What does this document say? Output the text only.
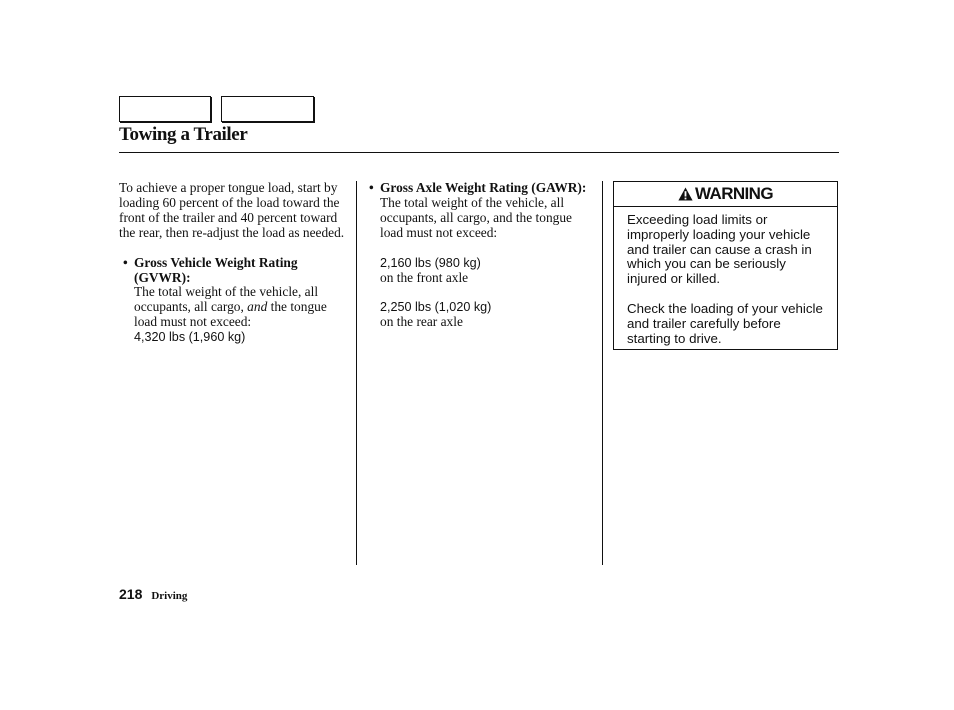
Towing a Trailer

To achieve a proper tongue load, start by loading 60 percent of the load toward the front of the trailer and 40 percent toward the rear, then re-adjust the load as needed.

• Gross Vehicle Weight Rating (GVWR):
The total weight of the vehicle, all occupants, all cargo, and the tongue load must not exceed:
4,320 lbs (1,960 kg)
• Gross Axle Weight Rating (GAWR):
The total weight of the vehicle, all occupants, all cargo, and the tongue load must not exceed:
2,160 lbs (980 kg)
on the front axle
2,250 lbs (1,020 kg)
on the rear axle
WARNING

Exceeding load limits or improperly loading your vehicle and trailer can cause a crash in which you can be seriously injured or killed.

Check the loading of your vehicle and trailer carefully before starting to drive.

218 Driving
